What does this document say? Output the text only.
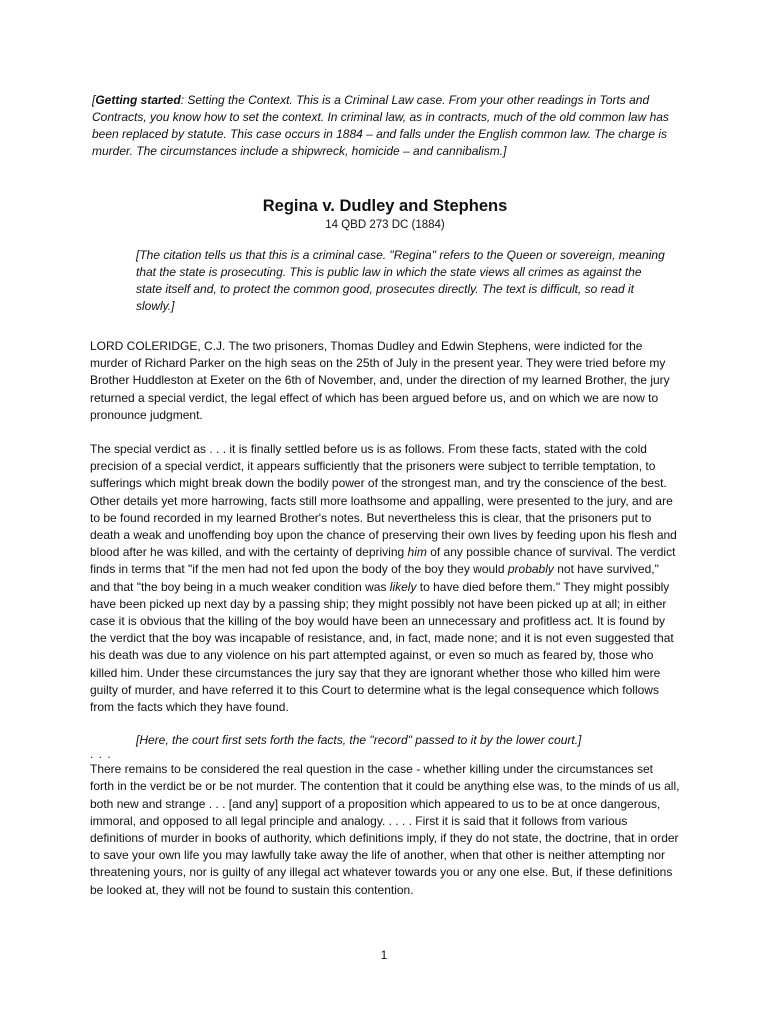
[Getting started: Setting the Context. This is a Criminal Law case. From your other readings in Torts and Contracts, you know how to set the context. In criminal law, as in contracts, much of the old common law has been replaced by statute. This case occurs in 1884 – and falls under the English common law. The charge is murder. The circumstances include a shipwreck, homicide – and cannibalism.]

Regina v. Dudley and Stephens
14 QBD 273 DC (1884)

[The citation tells us that this is a criminal case. "Regina" refers to the Queen or sovereign, meaning that the state is prosecuting. This is public law in which the state views all crimes as against the state itself and, to protect the common good, prosecutes directly. The text is difficult, so read it slowly.]

LORD COLERIDGE, C.J. The two prisoners, Thomas Dudley and Edwin Stephens, were indicted for the murder of Richard Parker on the high seas on the 25th of July in the present year. They were tried before my Brother Huddleston at Exeter on the 6th of November, and, under the direction of my learned Brother, the jury returned a special verdict, the legal effect of which has been argued before us, and on which we are now to pronounce judgment.

The special verdict as . . . it is finally settled before us is as follows. From these facts, stated with the cold precision of a special verdict, it appears sufficiently that the prisoners were subject to terrible temptation, to sufferings which might break down the bodily power of the strongest man, and try the conscience of the best. Other details yet more harrowing, facts still more loathsome and appalling, were presented to the jury, and are to be found recorded in my learned Brother's notes. But nevertheless this is clear, that the prisoners put to death a weak and unoffending boy upon the chance of preserving their own lives by feeding upon his flesh and blood after he was killed, and with the certainty of depriving him of any possible chance of survival. The verdict finds in terms that "if the men had not fed upon the body of the boy they would probably not have survived," and that "the boy being in a much weaker condition was likely to have died before them." They might possibly have been picked up next day by a passing ship; they might possibly not have been picked up at all; in either case it is obvious that the killing of the boy would have been an unnecessary and profitless act. It is found by the verdict that the boy was incapable of resistance, and, in fact, made none; and it is not even suggested that his death was due to any violence on his part attempted against, or even so much as feared by, those who killed him. Under these circumstances the jury say that they are ignorant whether those who killed him were guilty of murder, and have referred it to this Court to determine what is the legal consequence which follows from the facts which they have found.

[Here, the court first sets forth the facts, the "record" passed to it by the lower court.]

. . .

There remains to be considered the real question in the case - whether killing under the circumstances set forth in the verdict be or be not murder. The contention that it could be anything else was, to the minds of us all, both new and strange . . . [and any] support of a proposition which appeared to us to be at once dangerous, immoral, and opposed to all legal principle and analogy. . . . . First it is said that it follows from various definitions of murder in books of authority, which definitions imply, if they do not state, the doctrine, that in order to save your own life you may lawfully take away the life of another, when that other is neither attempting nor threatening yours, nor is guilty of any illegal act whatever towards you or any one else. But, if these definitions be looked at, they will not be found to sustain this contention.

1
